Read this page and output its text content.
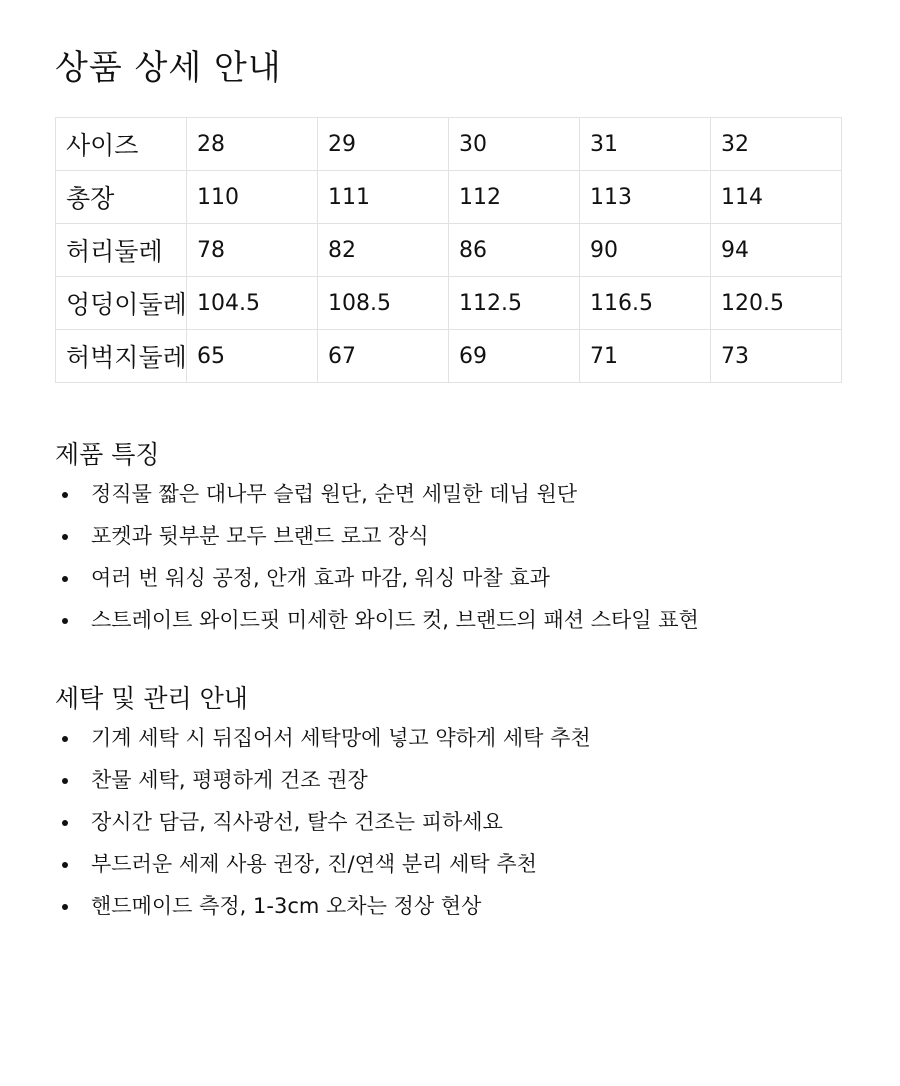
상품 상세 안내
사이즈	28	29	30	31	32
총장	110	111	112	113	114
허리둘레	78	82	86	90	94
엉덩이둘레	104.5	108.5	112.5	116.5	120.5
허벅지둘레	65	67	69	71	73
제품 특징
정직물 짧은 대나무 슬럽 원단, 순면 세밀한 데님 원단
포켓과 뒷부분 모두 브랜드 로고 장식
여러 번 워싱 공정, 안개 효과 마감, 워싱 마찰 효과
스트레이트 와이드핏 미세한 와이드 컷, 브랜드의 패션 스타일 표현
세탁 및 관리 안내
기계 세탁 시 뒤집어서 세탁망에 넣고 약하게 세탁 추천
찬물 세탁, 평평하게 건조 권장
장시간 담금, 직사광선, 탈수 건조는 피하세요
부드러운 세제 사용 권장, 진/연색 분리 세탁 추천
핸드메이드 측정, 1-3cm 오차는 정상 현상
